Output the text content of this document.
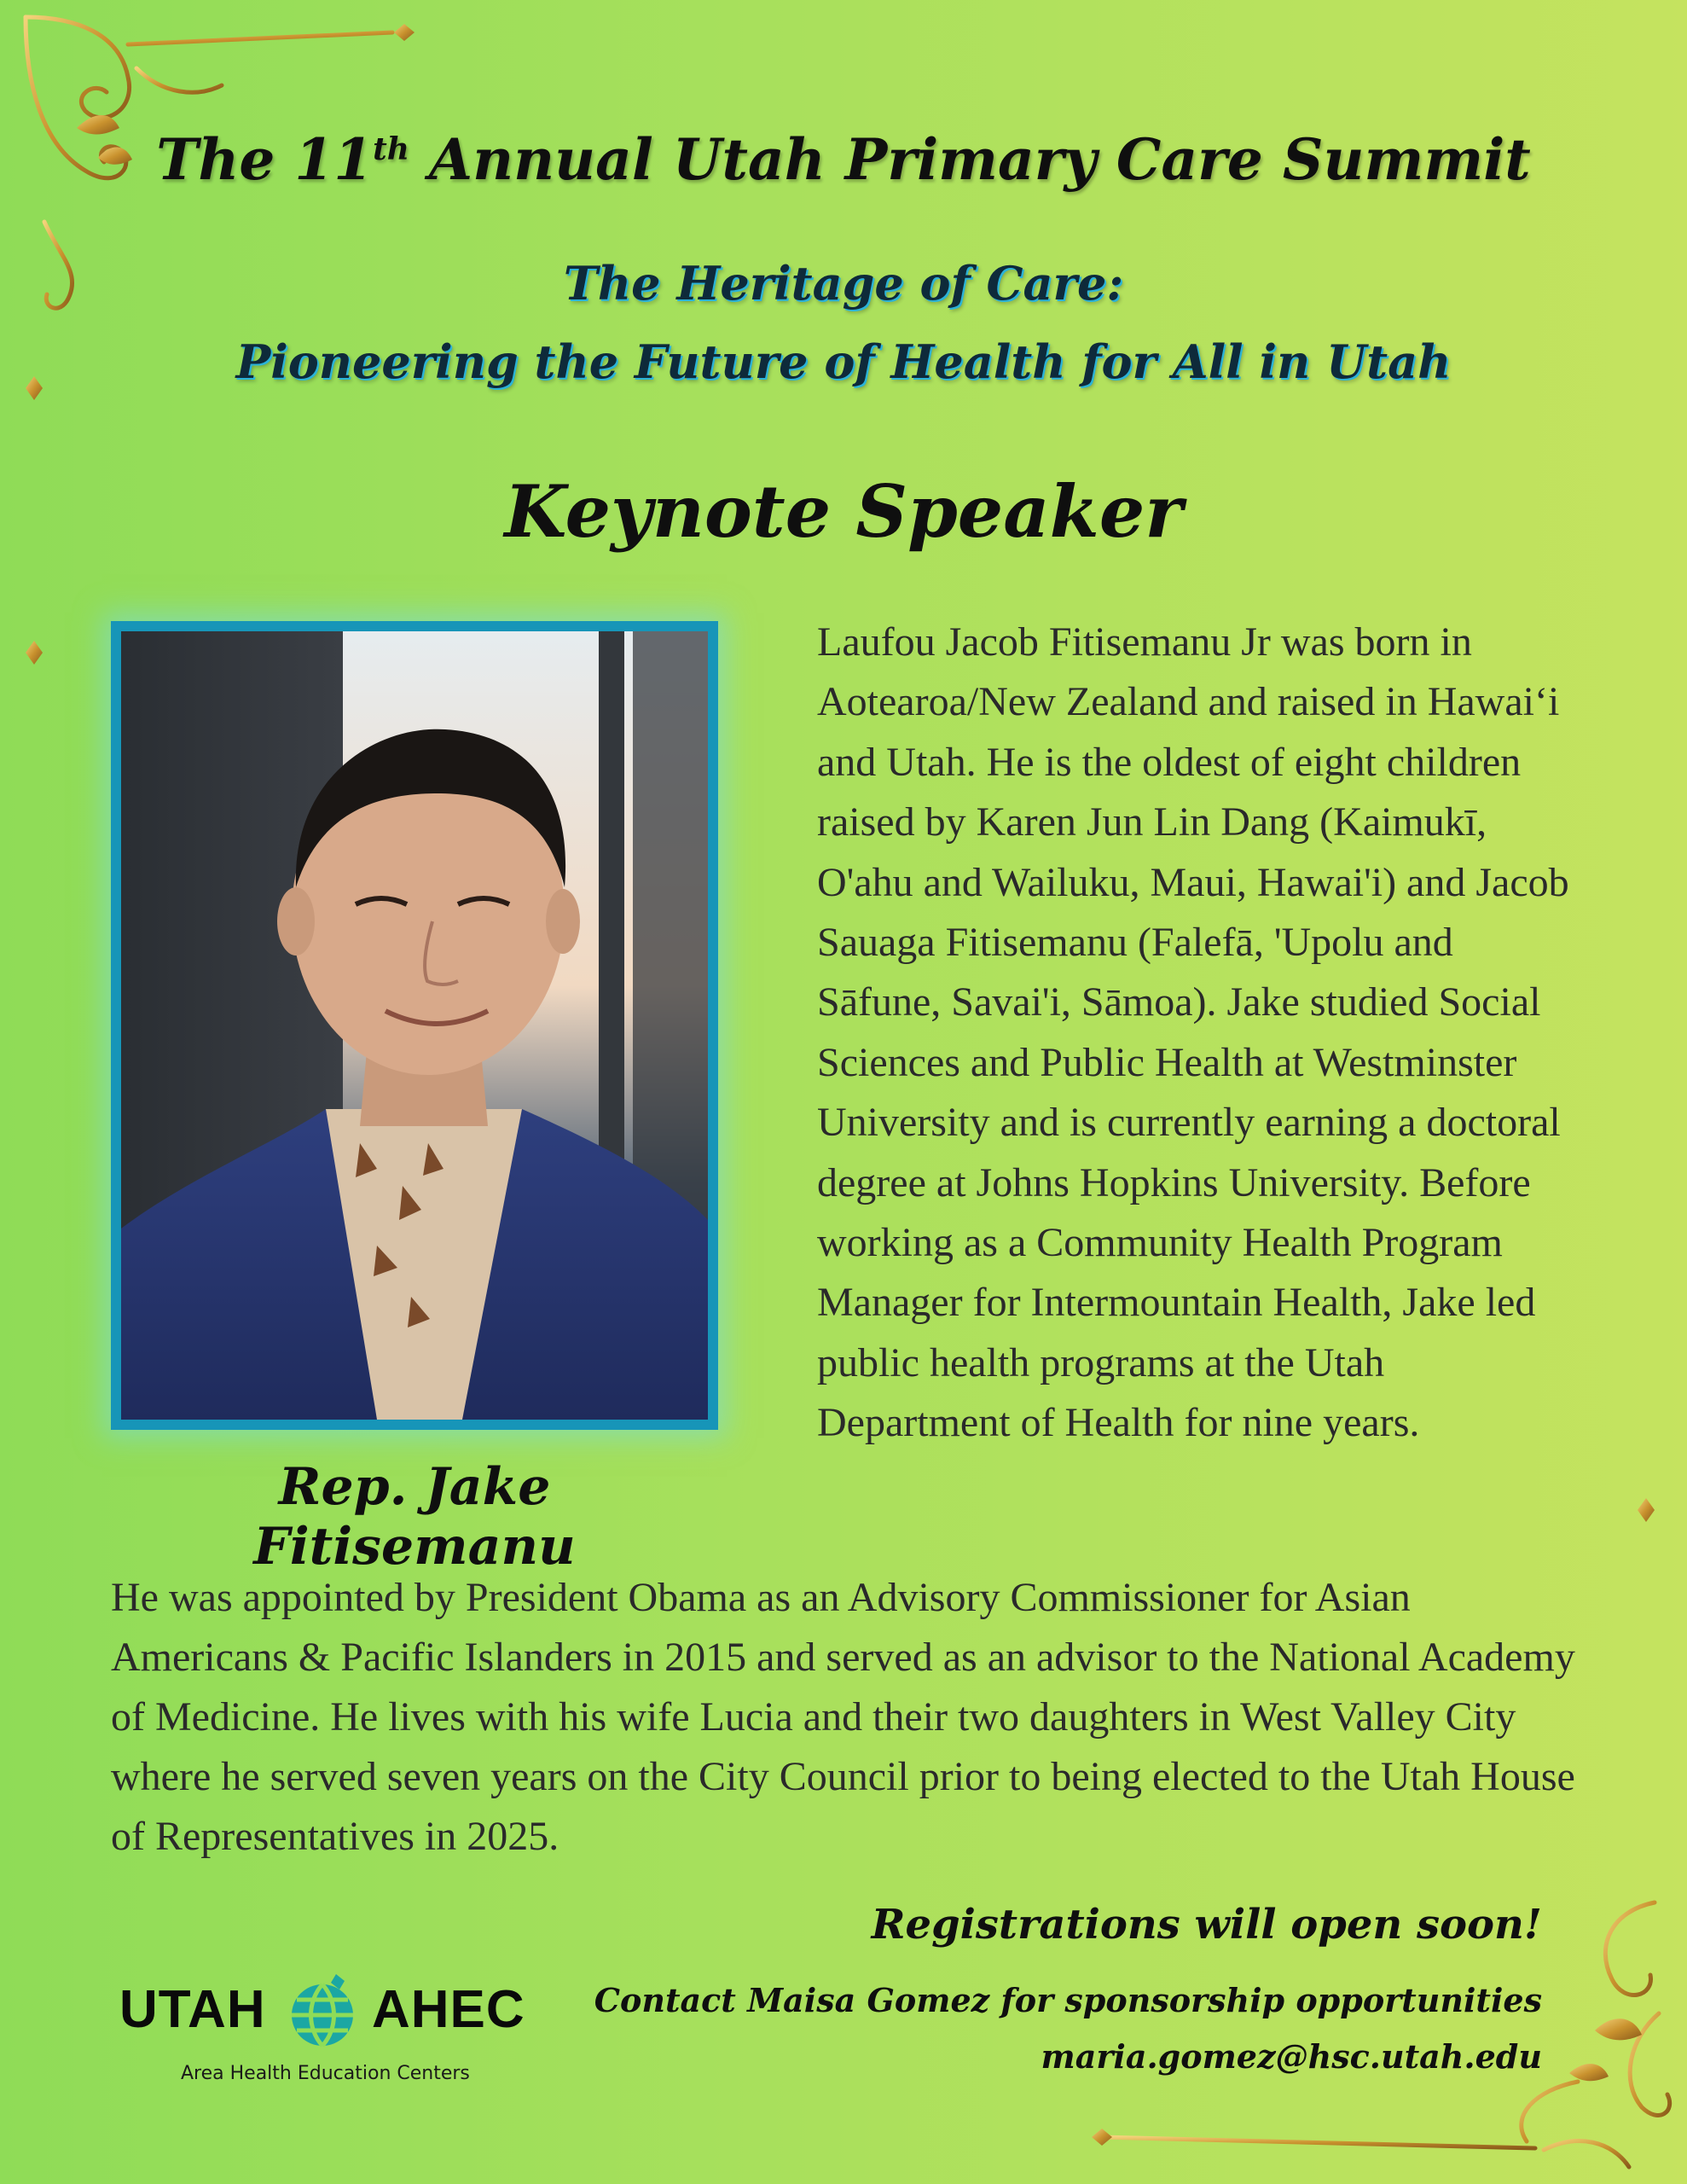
The 11th Annual Utah Primary Care Summit
The Heritage of Care:
Pioneering the Future of Health for All in Utah
Keynote Speaker
Rep. Jake Fitisemanu

Laufou Jacob Fitisemanu Jr was born in Aotearoa/New Zealand and raised in Hawaiʻi and Utah. He is the oldest of eight children raised by Karen Jun Lin Dang (Kaimukī, O'ahu and Wailuku, Maui, Hawai'i) and Jacob Sauaga Fitisemanu (Falefā, 'Upolu and Sāfune, Savai'i, Sāmoa). Jake studied Social Sciences and Public Health at Westminster University and is currently earning a doctoral degree at Johns Hopkins University. Before working as a Community Health Program Manager for Intermountain Health, Jake led public health programs at the Utah Department of Health for nine years.

He was appointed by President Obama as an Advisory Commissioner for Asian Americans & Pacific Islanders in 2015 and served as an advisor to the National Academy of Medicine. He lives with his wife Lucia and their two daughters in West Valley City where he served seven years on the City Council prior to being elected to the Utah House of Representatives in 2025.

UTAH AHEC
Area Health Education Centers

Registrations will open soon!

Contact Maisa Gomez for sponsorship opportunities

maria.gomez@hsc.utah.edu
